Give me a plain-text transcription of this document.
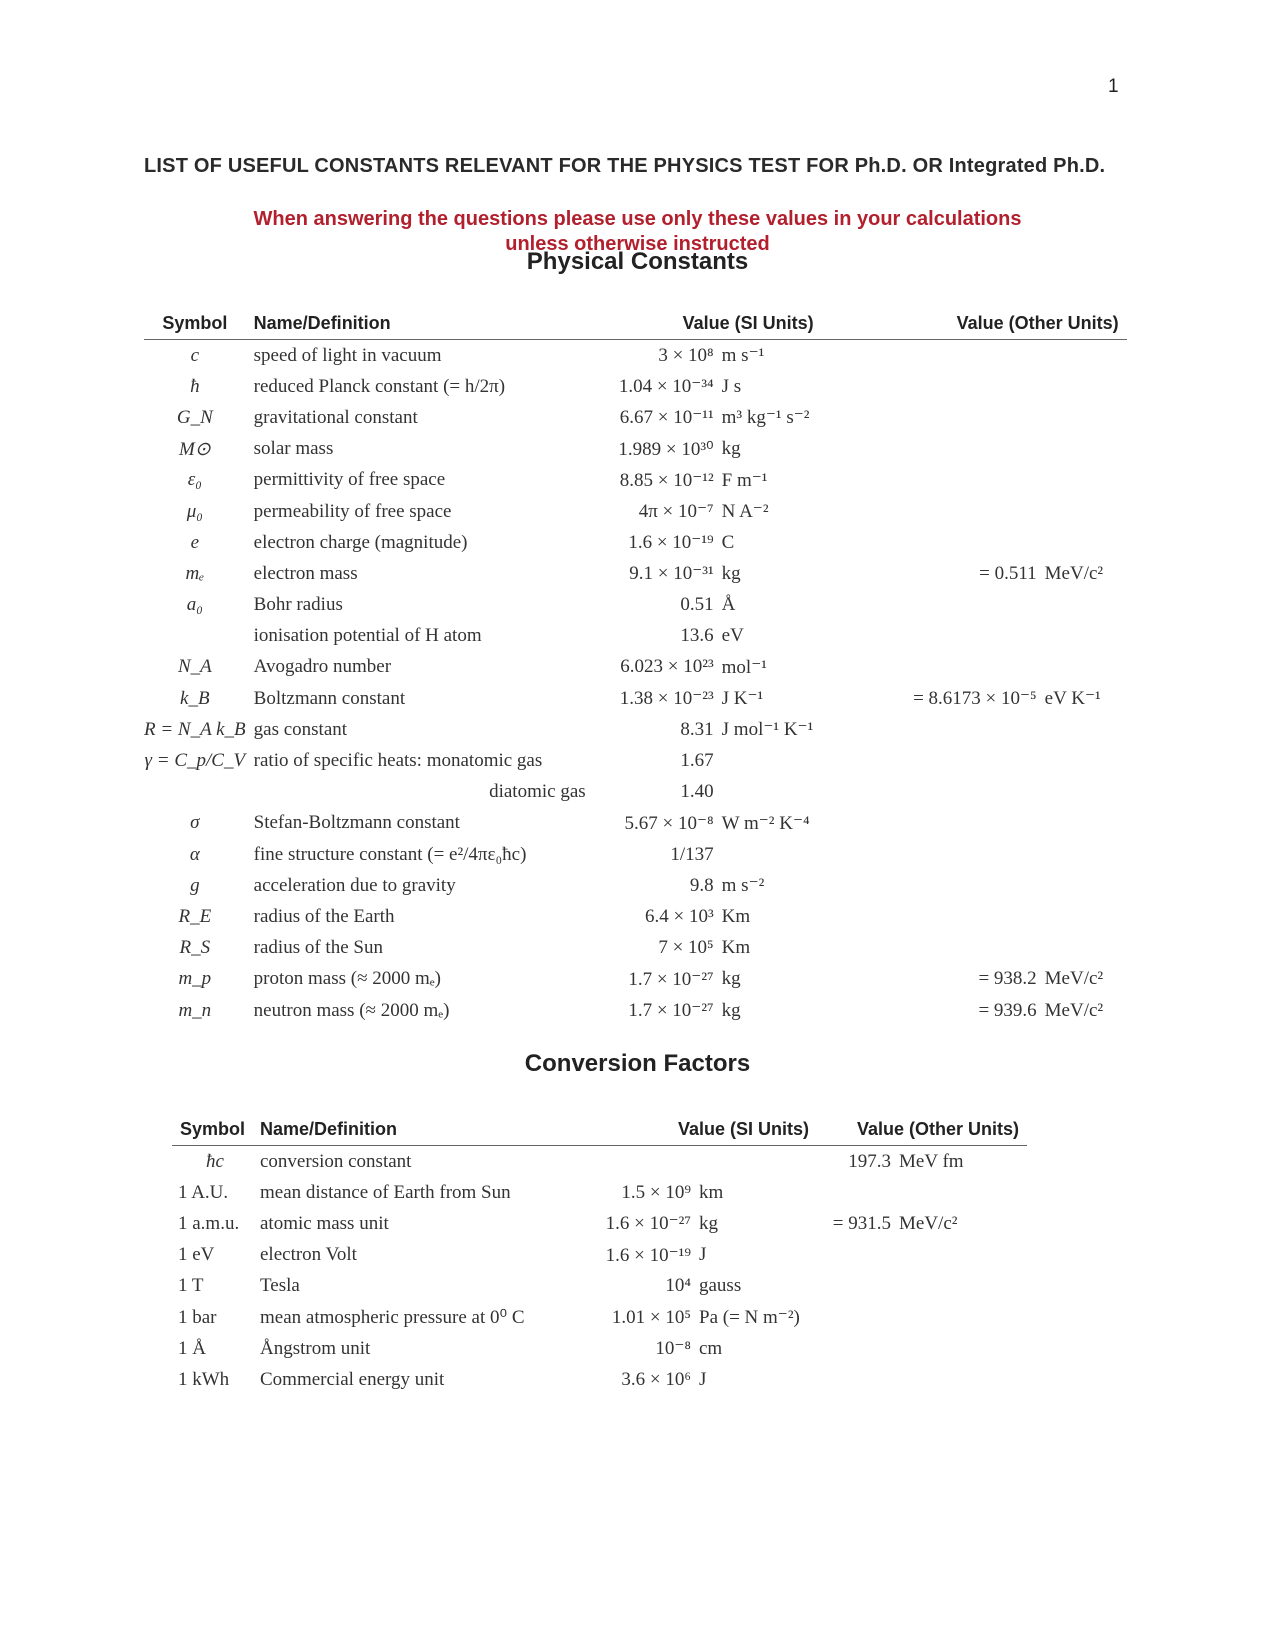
1
LIST OF USEFUL CONSTANTS RELEVANT FOR THE PHYSICS TEST FOR Ph.D. OR Integrated Ph.D.
When answering the questions please use only these values in your calculations
unless otherwise instructed
Physical Constants
Symbol	Name/Definition	Value (SI Units)		Value (Other Units)	
c	speed of light in vacuum	3 × 10⁸	m s⁻¹		
ħ	reduced Planck constant (= h/2π)	1.04 × 10⁻³⁴	J s		
G_N	gravitational constant	6.67 × 10⁻¹¹	m³ kg⁻¹ s⁻²		
M⊙	solar mass	1.989 × 10³⁰	kg		
ε₀	permittivity of free space	8.85 × 10⁻¹²	F m⁻¹		
μ₀	permeability of free space	4π × 10⁻⁷	N A⁻²		
e	electron charge (magnitude)	1.6 × 10⁻¹⁹	C		
mₑ	electron mass	9.1 × 10⁻³¹	kg	= 0.511	MeV/c²
a₀	Bohr radius	0.51	Å		
	ionisation potential of H atom	13.6	eV		
N_A	Avogadro number	6.023 × 10²³	mol⁻¹		
k_B	Boltzmann constant	1.38 × 10⁻²³	J K⁻¹	= 8.6173 × 10⁻⁵	eV K⁻¹
R = N_A k_B	gas constant	8.31	J mol⁻¹ K⁻¹		
γ = C_p/C_V	ratio of specific heats: monatomic gas	1.67			
	diatomic gas	1.40			
σ	Stefan-Boltzmann constant	5.67 × 10⁻⁸	W m⁻² K⁻⁴		
α	fine structure constant (= e²/4πε₀ħc)	1/137			
g	acceleration due to gravity	9.8	m s⁻²		
R_E	radius of the Earth	6.4 × 10³	Km		
R_S	radius of the Sun	7 × 10⁵	Km		
m_p	proton mass (≈ 2000 mₑ)	1.7 × 10⁻²⁷	kg	= 938.2	MeV/c²
m_n	neutron mass (≈ 2000 mₑ)	1.7 × 10⁻²⁷	kg	= 939.6	MeV/c²
Conversion Factors
Symbol	Name/Definition	Value (SI Units)		Value (Other Units)	
ħc	conversion constant			197.3	MeV fm
1 A.U.	mean distance of Earth from Sun	1.5 × 10⁹	km		
1 a.m.u.	atomic mass unit	1.6 × 10⁻²⁷	kg	= 931.5	MeV/c²
1 eV	electron Volt	1.6 × 10⁻¹⁹	J		
1 T	Tesla	10⁴	gauss		
1 bar	mean atmospheric pressure at 0⁰ C	1.01 × 10⁵	Pa (= N m⁻²)		
1 Å	Ångstrom unit	10⁻⁸	cm		
1 kWh	Commercial energy unit	3.6 × 10⁶	J		
